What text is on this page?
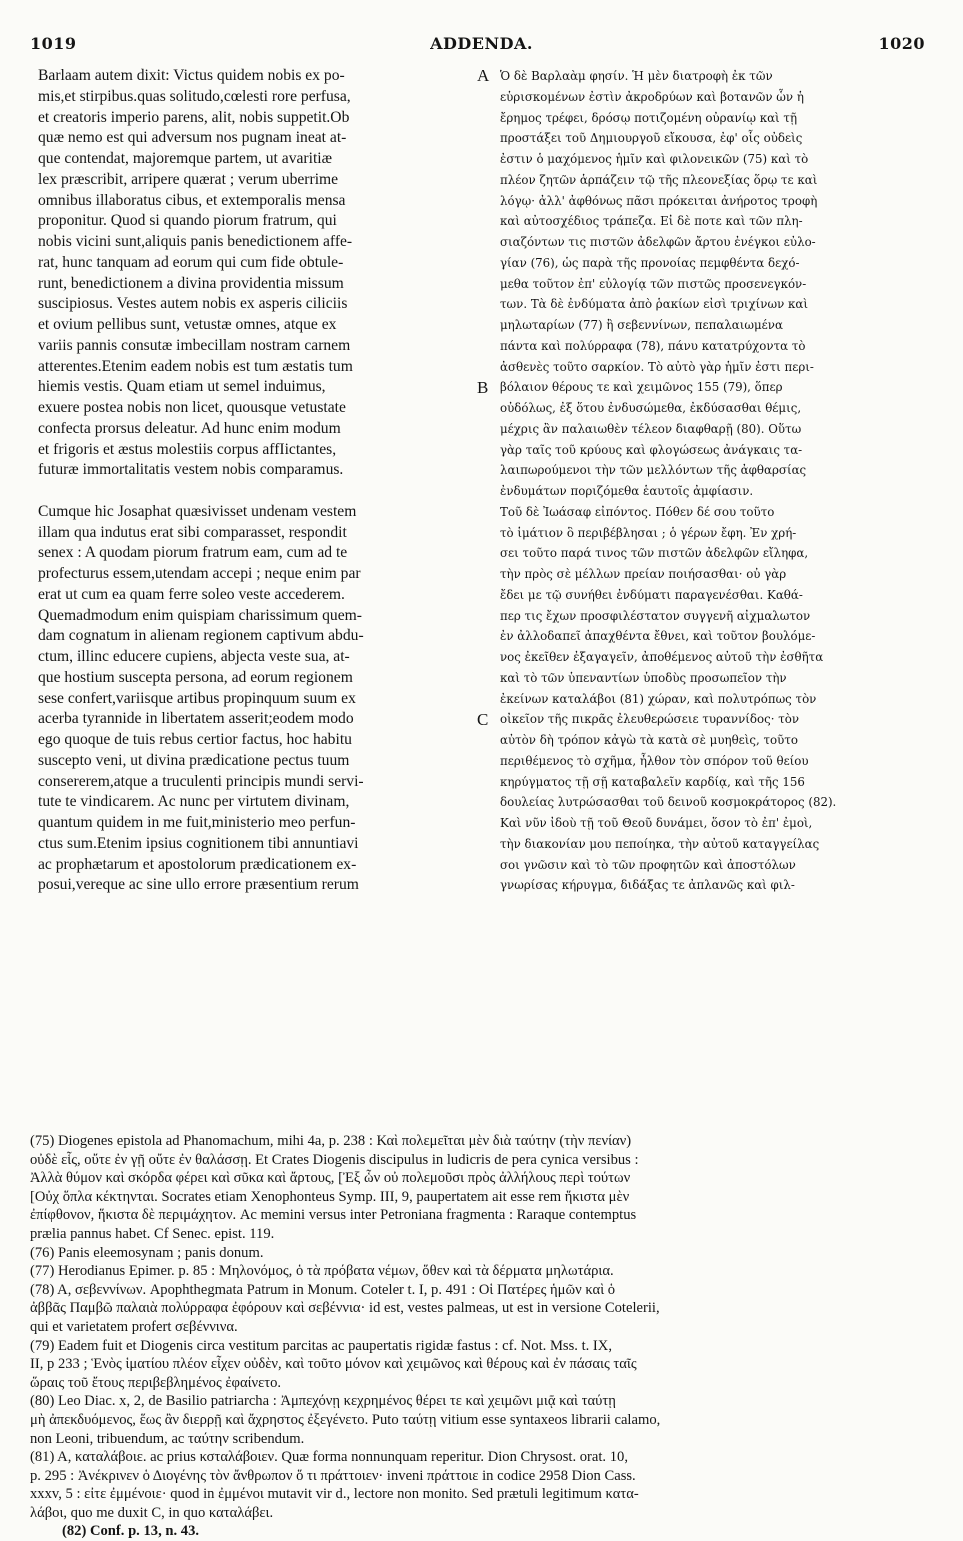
1019	ADDENDA.	1020
Barlaam autem dixit: Victus quidem nobis ex po-
mis,et stirpibus.quas solitudo,cœlesti rore perfusa,
et creatoris imperio parens, alit, nobis suppetit.Ob
quæ nemo est qui adversum nos pugnam ineat at-
que contendat, majoremque partem, ut avaritiæ
lex præscribit, arripere quærat ; verum uberrime
omnibus illaboratus cibus, et extemporalis mensa
proponitur. Quod si quando piorum fratrum, qui
nobis vicini sunt,aliquis panis benedictionem affe-
rat, hunc tanquam ad eorum qui cum fide obtule-
runt, benedictionem a divina providentia missum
suscipiosus. Vestes autem nobis ex asperis ciliciis
et ovium pellibus sunt, vetustæ omnes, atque ex
variis pannis consutæ imbecillam nostram carnem
atterentes.Etenim eadem nobis est tum æstatis tum
hiemis vestis. Quam etiam ut semel induimus,
exuere postea nobis non licet, quousque vetustate
confecta prorsus deleatur. Ad hunc enim modum
et frigoris et æstus molestiis corpus affIictantes,
futuræ immortalitatis vestem nobis comparamus.
Cumque hic Josaphat quæsivisset undenam vestem
illam qua indutus erat sibi comparasset, respondit
senex : A quodam piorum fratrum eam, cum ad te
profecturus essem,utendam accepi ; neque enim par
erat ut cum ea quam ferre soleo veste accederem.
Quemadmodum enim quispiam charissimum quem-
dam cognatum in alienam regionem captivum abdu-
ctum, illinc educere cupiens, abjecta veste sua, at-
que hostium suscepta persona, ad eorum regionem
sese confert,variisque artibus propinquum suum ex
acerba tyrannide in libertatem asserit;eodem modo
ego quoque de tuis rebus certior factus, hoc habitu
suscepto veni, ut divina prædicatione pectus tuum
consererem,atque a truculenti principis mundi servi-
tute te vindicarem. Ac nunc per virtutem divinam,
quantum quidem in me fuit,ministerio meo perfun-
ctus sum.Etenim ipsius cognitionem tibi annuntiavi
ac prophætarum et apostolorum prædicationem ex-
posui,vereque ac sine ullo errore præsentium rerum
Ὁ δὲ Βαρλαὰμ φησίν. Ἡ μὲν διατροφὴ ἐκ τῶν
εὑρισκομένων ἐστὶν ἀκροδρύων καὶ βοτανῶν ὧν ἡ
ἔρημος τρέφει, δρόσῳ ποτιζομένη οὐρανίῳ καὶ τῇ
προστάξει τοῦ Δημιουργοῦ εἴκουσα, ἐφ' οἷς οὐδεὶς
ἐστιν ὁ μαχόμενος ἡμῖν καὶ φιλονεικῶν (75) καὶ τὸ
πλέον ζητῶν ἁρπάζειν τῷ τῆς πλεονεξίας ὅρῳ τε καὶ
λόγῳ· ἀλλ' ἀφθόνως πᾶσι πρόκειται ἀνήροτος τροφὴ
καὶ αὐτοσχέδιος τράπεζα. Εἰ δὲ ποτε καὶ τῶν πλη-
σιαζόντων τις πιστῶν ἀδελφῶν ἄρτου ἐνέγκοι εὐλο-
γίαν (76), ὡς παρὰ τῆς προνοίας πεμφθέντα δεχό-
μεθα τοῦτον ἐπ' εὐλογίᾳ τῶν πιστῶς προσενεγκόν-
των. Τὰ δὲ ἐνδύματα ἀπὸ ῥακίων εἰσὶ τριχίνων καὶ
μηλωταρίων (77) ἢ σεβεννίνων, πεπαλαιωμένα
πάντα καὶ πολύρραφα (78), πάνυ κατατρύχοντα τὸ
ἀσθενὲς τοῦτο σαρκίον. Τὸ αὐτὸ γὰρ ἡμῖν ἐστι περι-
βόλαιον θέρους τε καὶ χειμῶνος 155 (79), ὅπερ
οὐδόλως, ἐξ ὅτου ἐνδυσώμεθα, ἐκδύσασθαι θέμις,
μέχρις ἂν παλαιωθὲν τέλεον διαφθαρῇ (80). Οὕτω
γὰρ ταῖς τοῦ κρύους καὶ φλογώσεως ἀνάγκαις τα-
λαιπωρούμενοι τὴν τῶν μελλόντων τῆς ἀφθαρσίας
ἐνδυμάτων ποριζόμεθα ἑαυτοῖς ἀμφίασιν.
Τοῦ δὲ Ἰωάσαφ εἰπόντος. Πόθεν δέ σου τοῦτο
τὸ ἱμάτιον ὃ περιβέβλησαι ; ὁ γέρων ἔφη. Ἐν χρή-
σει τοῦτο παρά τινος τῶν πιστῶν ἀδελφῶν εἴληφα,
τὴν πρὸς σὲ μέλλων πρείαν ποιήσασθαι· οὐ γὰρ
ἔδει με τῷ συνήθει ἐνδύματι παραγενέσθαι. Καθά-
περ τις ἔχων προσφιλέστατον συγγενῆ αἰχμαλωτον
ἐν ἀλλοδαπεῖ ἀπαχθέντα ἔθνει, καὶ τοῦτον βουλόμε-
νος ἐκεῖθεν ἐξαγαγεῖν, ἀποθέμενος αὐτοῦ τὴν ἐσθῆτα
καὶ τὸ τῶν ὑπεναντίων ὑποδὺς προσωπεῖον τὴν
ἐκείνων καταλάβοι (81) χώραν, καὶ πολυτρόπως τὸν
οἰκεῖον τῆς πικρᾶς ἐλευθερώσειε τυραννίδος· τὸν
αὐτὸν δὴ τρόπον κἀγὼ τὰ κατὰ σὲ μυηθεὶς, τοῦτο
περιθέμενος τὸ σχῆμα, ἦλθον τὸν σπόρον τοῦ θείου
κηρύγματος τῇ σῇ καταβαλεῖν καρδίᾳ, καὶ τῆς 156
δουλείας λυτρώσασθαι τοῦ δεινοῦ κοσμοκράτορος (82).
Καὶ νῦν ἰδοὺ τῇ τοῦ Θεοῦ δυνάμει, ὅσον τὸ ἐπ' ἐμοὶ,
τὴν διακονίαν μου πεποίηκα, τὴν αὐτοῦ καταγγείλας
σοι γνῶσιν καὶ τὸ τῶν προφητῶν καὶ ἀποστόλων
γνωρίσας κήρυγμα, διδάξας τε ἀπλανῶς καὶ φιλ-
A
B
C
(75) Diogenes epistola ad Phanomachum, mihi 4a, p. 238 : Καὶ πολεμεῖται μὲν διὰ ταύτην (τὴν πενίαν)
οὐδὲ εἷς, οὔτε ἐν γῇ οὔτε ἐν θαλάσσῃ. Et Crates Diogenis discipulus in ludicris de pera cynica versibus :
Ἀλλὰ θύμον καὶ σκόρδα φέρει καὶ σῦκα καὶ ἄρτους, [Ἐξ ὧν οὐ πολεμοῦσι πρὸς ἀλλήλους περὶ τούτων
[Οὐχ ὅπλα κέκτηνται. Socrates etiam Xenophonteus Symp. III, 9, paupertatem ait esse rem ἥκιστα μὲν
ἐπίφθονον, ἥκιστα δὲ περιμάχητον. Ac memini versus inter Petroniana fragmenta : Raraque contemptus
prælia pannus habet. Cf Senec. epist. 119.
(76) Panis eleemosynam ; panis donum.
(77) Herodianus Epimer. p. 85 : Μηλονόμος, ὁ τὰ πρόβατα νέμων, ὅθεν καὶ τὰ δέρματα μηλωτάρια.
(78) A, σεβεννίνων. Apophthegmata Patrum in Monum. Coteler t. I, p. 491 : Οἱ Πατέρες ἡμῶν καὶ ὁ
ἀββᾶς Παμβῶ παλαιὰ πολύρραφα ἐφόρουν καὶ σεβέννια· id est, vestes palmeas, ut est in versione Cotelerii,
qui et varietatem profert σεβέννινα.
(79) Eadem fuit et Diogenis circa vestitum parcitas ac paupertatis rigidæ fastus : cf. Not. Mss. t. IX,
II, p 233 ; Ἑνὸς ἱματίου πλέον εἶχεν οὐδὲν, καὶ τοῦτο μόνον καὶ χειμῶνος καὶ θέρους καὶ ἐν πάσαις ταῖς
ὥραις τοῦ ἔτους περιβεβλημένος ἐφαίνετο.
(80) Leo Diac. x, 2, de Basilio patriarcha : Ἀμπεχόνῃ κεχρημένος θέρει τε καὶ χειμῶνι μιᾷ καὶ ταύτῃ
μὴ ἀπεκδυόμενος, ἕως ἂν διερρῇ καὶ ἄχρηστος ἐξεγένετο. Puto ταύτῃ vitium esse syntaxeos librarii calamo,
non Leoni, tribuendum, ac ταύτην scribendum.
(81) A, καταλάβοιε. ac prius κσταλάβοιεν. Quæ forma nonnunquam reperitur. Dion Chrysost. orat. 10,
p. 295 : Ἀνέκρινεν ὁ Διογένης τὸν ἄνθρωπον ὅ τι πράττοιεν· inveni πράττοιε in codice 2958 Dion Cass.
xxxv, 5 : εἰτε ἐμμένοιε· quod in ἐμμένοι mutavit vir d., lectore non monito. Sed prætuli legitimum κατα-
λάβοι, quo me duxit C, in quo καταλάβει.
(82) Conf. p. 13, n. 43.
